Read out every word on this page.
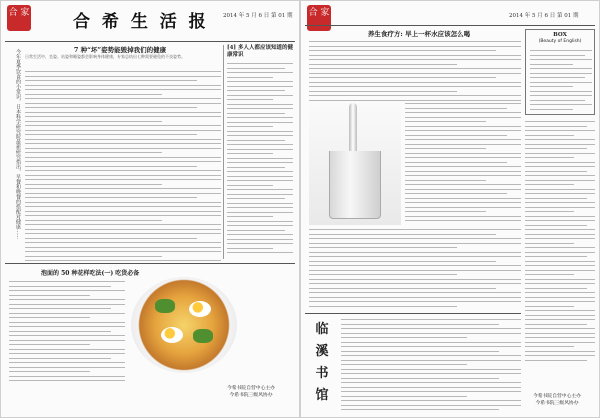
合 家	合 希 生 活 报	2014 年 5 月 6 日 第 01 期
今年夏季饮食的小常识，日本科学研究院最新研究指出，早餐和晚餐的搭配对健康……	7 种“坏”姿势能毁掉我们的健康
日常生活中，坐姿、站姿和睡姿都会影响身体健康，专家总结出七种需要避免的不良姿势。
[4] 多人人都应该知道的健康常识
泡面的 50 种花样吃法(一) 吃货必备
今希书院自营中心主办
今希书院三级风协办
合 家	2014 年 5 月 6 日 第 01 期
养生食疗方: 早上一杯水应该怎么喝
临
溪
书
馆
BOX
(Beauty of English)
今希书院自营中心主办
今希书院三级风协办
